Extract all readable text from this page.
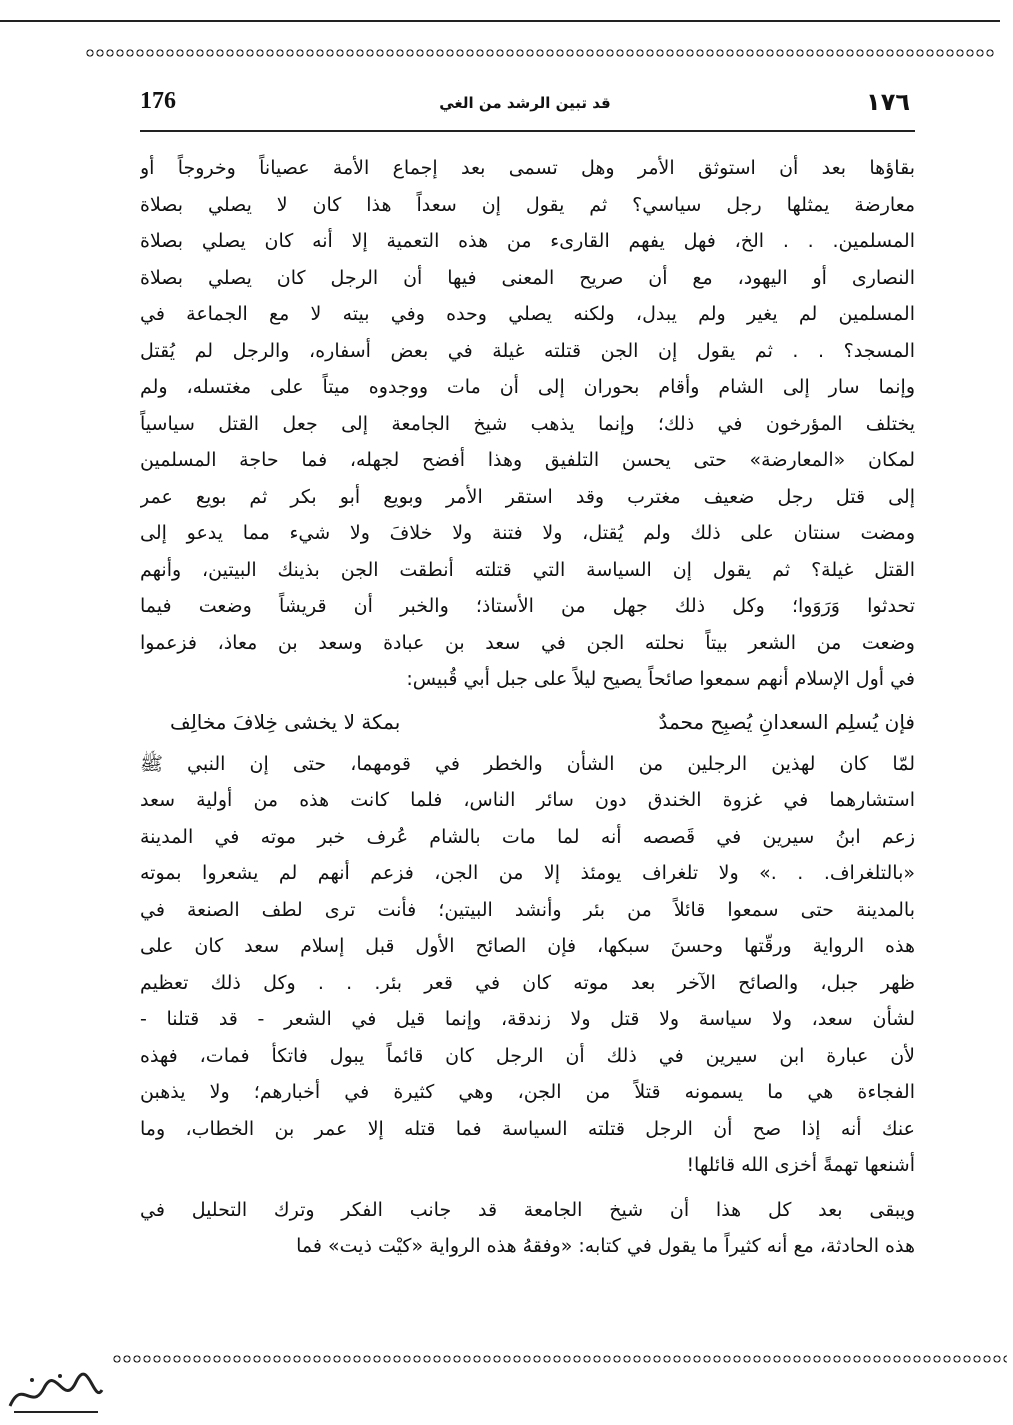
176	قد تبين الرشد من الغي	١٧٦
بقاؤها بعد أن استوثق الأمر وهل تسمى بعد إجماع الأمة عصياناً وخروجاً أو
معارضة يمثلها رجل سياسي؟ ثم يقول إن سعداً هذا كان لا يصلي بصلاة
المسلمين. . . الخ، فهل يفهم القارىء من هذه التعمية إلا أنه كان يصلي بصلاة
النصارى أو اليهود، مع أن صريح المعنى فيها أن الرجل كان يصلي بصلاة
المسلمين لم يغير ولم يبدل، ولكنه يصلي وحده وفي بيته لا مع الجماعة في
المسجد؟ . . ثم يقول إن الجن قتلته غيلة في بعض أسفاره، والرجل لم يُقتل
وإنما سار إلى الشام وأقام بحوران إلى أن مات ووجدوه ميتاً على مغتسله، ولم
يختلف المؤرخون في ذلك؛ وإنما يذهب شيخ الجامعة إلى جعل القتل سياسياً
لمكان «المعارضة» حتى يحسن التلفيق وهذا أفضح لجهله، فما حاجة المسلمين
إلى قتل رجل ضعيف مغترب وقد استقر الأمر وبويع أبو بكر ثم بويع عمر
ومضت سنتان على ذلك ولم يُقتل، ولا فتنة ولا خلافَ ولا شيء مما يدعو إلى
القتل غيلة؟ ثم يقول إن السياسة التي قتلته أنطقت الجن بذينك البيتين، وأنهم
تحدثوا وَرَوَوا؛ وكل ذلك جهل من الأستاذ؛ والخبر أن قريشاً وضعت فيما
وضعت من الشعر بيتاً نحلته الجن في سعد بن عبادة وسعد بن معاذ، فزعموا
في أول الإسلام أنهم سمعوا صائحاً يصيح ليلاً على جبل أبي قُبيس:
فإن يُسلِم السعدانِ يُصبِح محمدٌ
بمكة لا يخشى خِلافَ مخالِف
لمّا كان لهذين الرجلين من الشأن والخطر في قومهما، حتى إن النبي ﷺ
استشارهما في غزوة الخندق دون سائر الناس، فلما كانت هذه من أولية سعد
زعم ابنُ سيرين في قَصصه أنه لما مات بالشام عُرف خبر موته في المدينة
«بالتلغراف. . .» ولا تلغراف يومئذ إلا من الجن، فزعم أنهم لم يشعروا بموته
بالمدينة حتى سمعوا قائلاً من بئر وأنشد البيتين؛ فأنت ترى لطف الصنعة في
هذه الرواية ورقّتها وحسنَ سبكها، فإن الصائح الأول قبل إسلام سعد كان على
ظهر جبل، والصائح الآخر بعد موته كان في قعر بئر. . . وكل ذلك تعظيم
لشأن سعد، ولا سياسة ولا قتل ولا زندقة، وإنما قيل في الشعر - قد قتلنا -
لأن عبارة ابن سيرين في ذلك أن الرجل كان قائماً يبول فاتكأ فمات، فهذه
الفجاءة هي ما يسمونه قتلاً من الجن، وهي كثيرة في أخبارهم؛ ولا يذهبن
عنك أنه إذا صح أن الرجل قتلته السياسة فما قتله إلا عمر بن الخطاب، وما
أشنعها تهمةً أخزى الله قائلها!
ويبقى بعد كل هذا أن شيخ الجامعة قد جانب الفكر وترك التحليل في
هذه الحادثة، مع أنه كثيراً ما يقول في كتابه: «وفقهُ هذه الرواية «كيْت ذيت» فما
